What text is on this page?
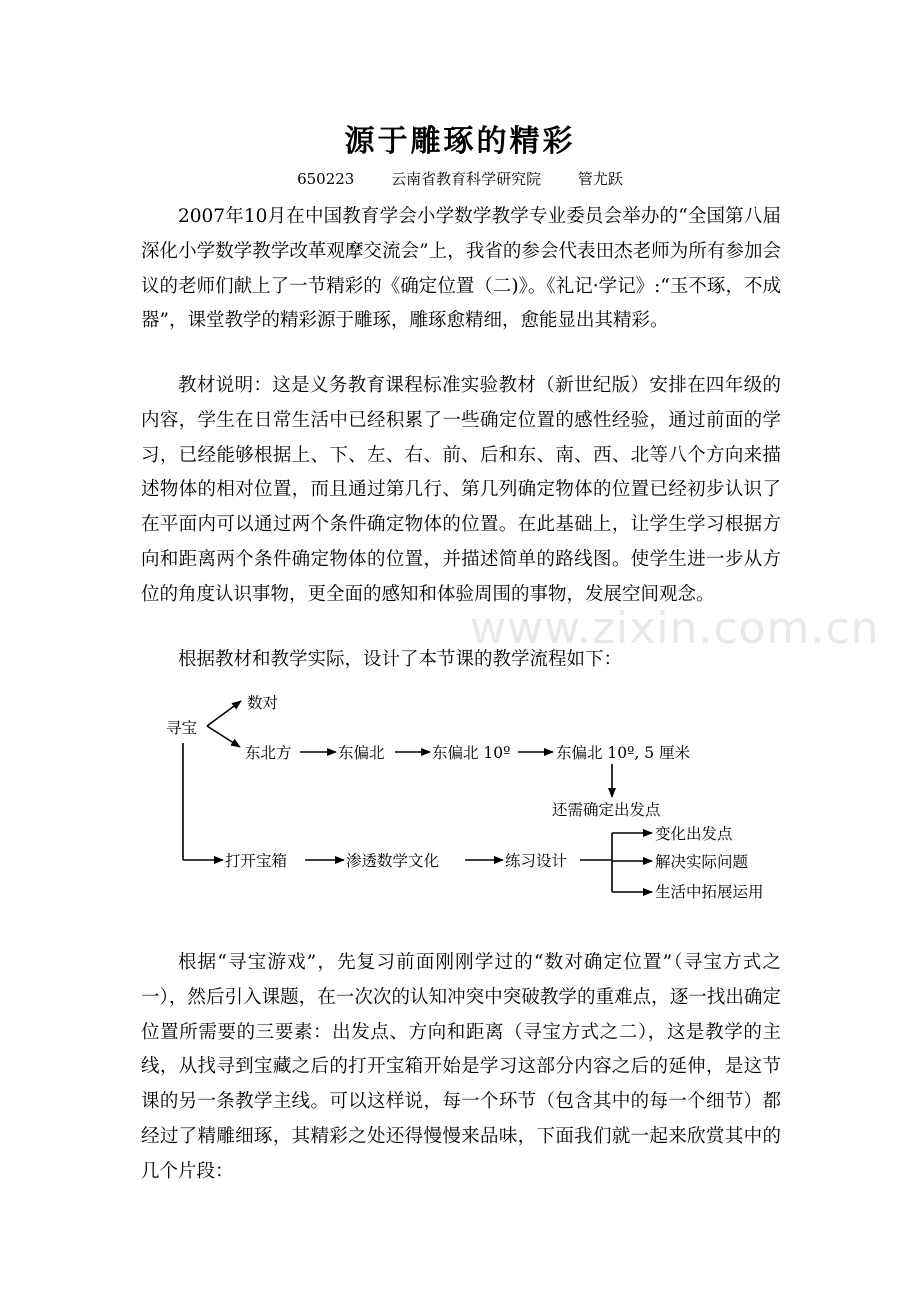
源于雕琢的精彩
650223 云南省教育科学研究院 管尤跃

2007年10月在中国教育学会小学数学教学专业委员会举办的“全国第八届深化小学数学教学改革观摩交流会”上，我省的参会代表田杰老师为所有参加会议的老师们献上了一节精彩的《确定位置（二)》。《礼记·学记》:“玉不琢，不成器”，课堂教学的精彩源于雕琢，雕琢愈精细，愈能显出其精彩。

教材说明：这是义务教育课程标准实验教材（新世纪版）安排在四年级的内容，学生在日常生活中已经积累了一些确定位置的感性经验，通过前面的学习，已经能够根据上、下、左、右、前、后和东、南、西、北等八个方向来描述物体的相对位置，而且通过第几行、第几列确定物体的位置已经初步认识了在平面内可以通过两个条件确定物体的位置。在此基础上，让学生学习根据方向和距离两个条件确定物体的位置，并描述简单的路线图。使学生进一步从方位的角度认识事物，更全面的感知和体验周围的事物，发展空间观念。

www.zixin.com.cn

根据教材和教学实际，设计了本节课的教学流程如下：

寻宝
数对
东北方	东偏北	东偏北 10º	东偏北 10º, 5 厘米
还需确定出发点
打开宝箱	渗透数学文化	练习设计
变化出发点
解决实际问题
生活中拓展运用

根据“寻宝游戏”，先复习前面刚刚学过的“数对确定位置”（寻宝方式之一），然后引入课题，在一次次的认知冲突中突破教学的重难点，逐一找出确定位置所需要的三要素：出发点、方向和距离（寻宝方式之二），这是教学的主线，从找寻到宝藏之后的打开宝箱开始是学习这部分内容之后的延伸，是这节课的另一条教学主线。可以这样说，每一个环节（包含其中的每一个细节）都经过了精雕细琢，其精彩之处还得慢慢来品味，下面我们就一起来欣赏其中的几个片段：
